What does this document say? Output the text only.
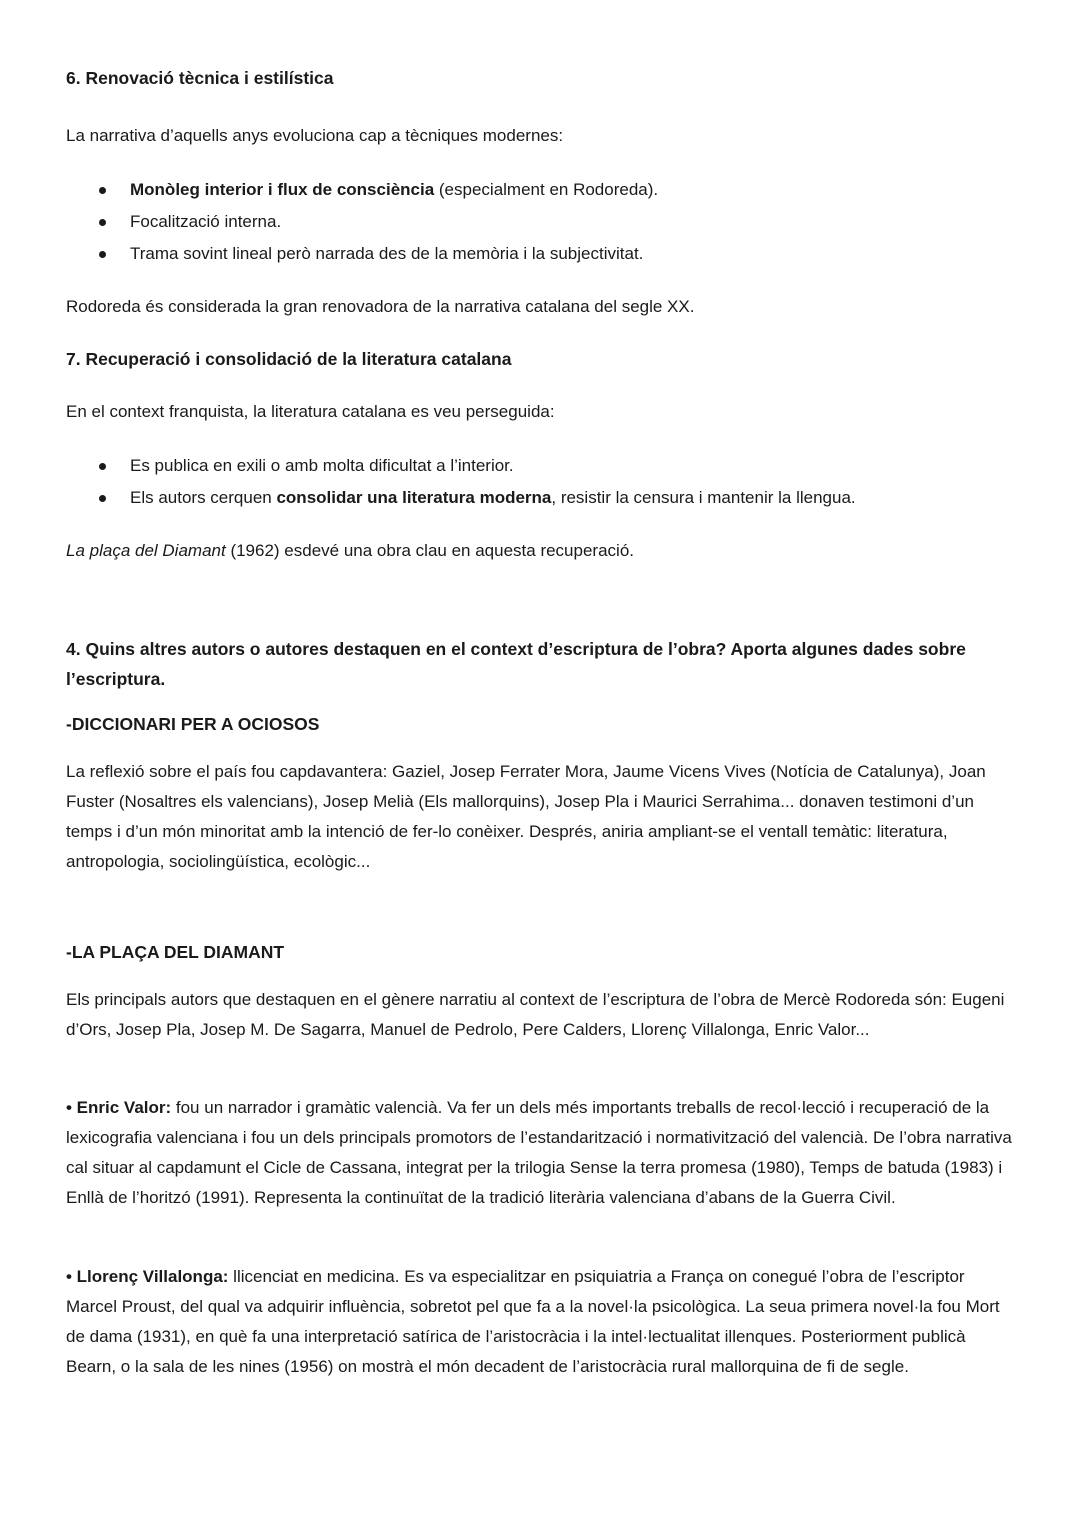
6. Renovació tècnica i estilística
La narrativa d’aquells anys evoluciona cap a tècniques modernes:
Monòleg interior i flux de consciència (especialment en Rodoreda).
Focalització interna.
Trama sovint lineal però narrada des de la memòria i la subjectivitat.
Rodoreda és considerada la gran renovadora de la narrativa catalana del segle XX.
7. Recuperació i consolidació de la literatura catalana
En el context franquista, la literatura catalana es veu perseguida:
Es publica en exili o amb molta dificultat a l’interior.
Els autors cerquen consolidar una literatura moderna, resistir la censura i mantenir la llengua.
La plaça del Diamant (1962) esdevé una obra clau en aquesta recuperació.
4. Quins altres autors o autores destaquen en el context d’escriptura de l’obra? Aporta algunes dades sobre l’escriptura.
-DICCIONARI PER A OCIOSOS
La reflexió sobre el país fou capdavantera: Gaziel, Josep Ferrater Mora, Jaume Vicens Vives (Notícia de Catalunya), Joan Fuster (Nosaltres els valencians), Josep Melià (Els mallorquins), Josep Pla i Maurici Serrahima... donaven testimoni d’un temps i d’un món minoritat amb la intenció de fer-lo conèixer. Després, aniria ampliant-se el ventall temàtic: literatura, antropologia, sociolingüística, ecològic...
-LA PLAÇA DEL DIAMANT
Els principals autors que destaquen en el gènere narratiu al context de l’escriptura de l’obra de Mercè Rodoreda són: Eugeni d’Ors, Josep Pla, Josep M. De Sagarra, Manuel de Pedrolo, Pere Calders, Llorenç Villalonga, Enric Valor...
• Enric Valor: fou un narrador i gramàtic valencià. Va fer un dels més importants treballs de recol·lecció i recuperació de la lexicografia valenciana i fou un dels principals promotors de l’estandarització i normativització del valencià. De l’obra narrativa cal situar al capdamunt el Cicle de Cassana, integrat per la trilogia Sense la terra promesa (1980), Temps de batuda (1983) i Enllà de l’horitzó (1991). Representa la continuïtat de la tradició literària valenciana d’abans de la Guerra Civil.
• Llorenç Villalonga: llicenciat en medicina. Es va especialitzar en psiquiatria a França on conegué l’obra de l’escriptor Marcel Proust, del qual va adquirir influència, sobretot pel que fa a la novel·la psicològica. La seua primera novel·la fou Mort de dama (1931), en què fa una interpretació satírica de l’aristocràcia i la intel·lectualitat illenques. Posteriorment publicà Bearn, o la sala de les nines (1956) on mostrà el món decadent de l’aristocràcia rural mallorquina de fi de segle.
